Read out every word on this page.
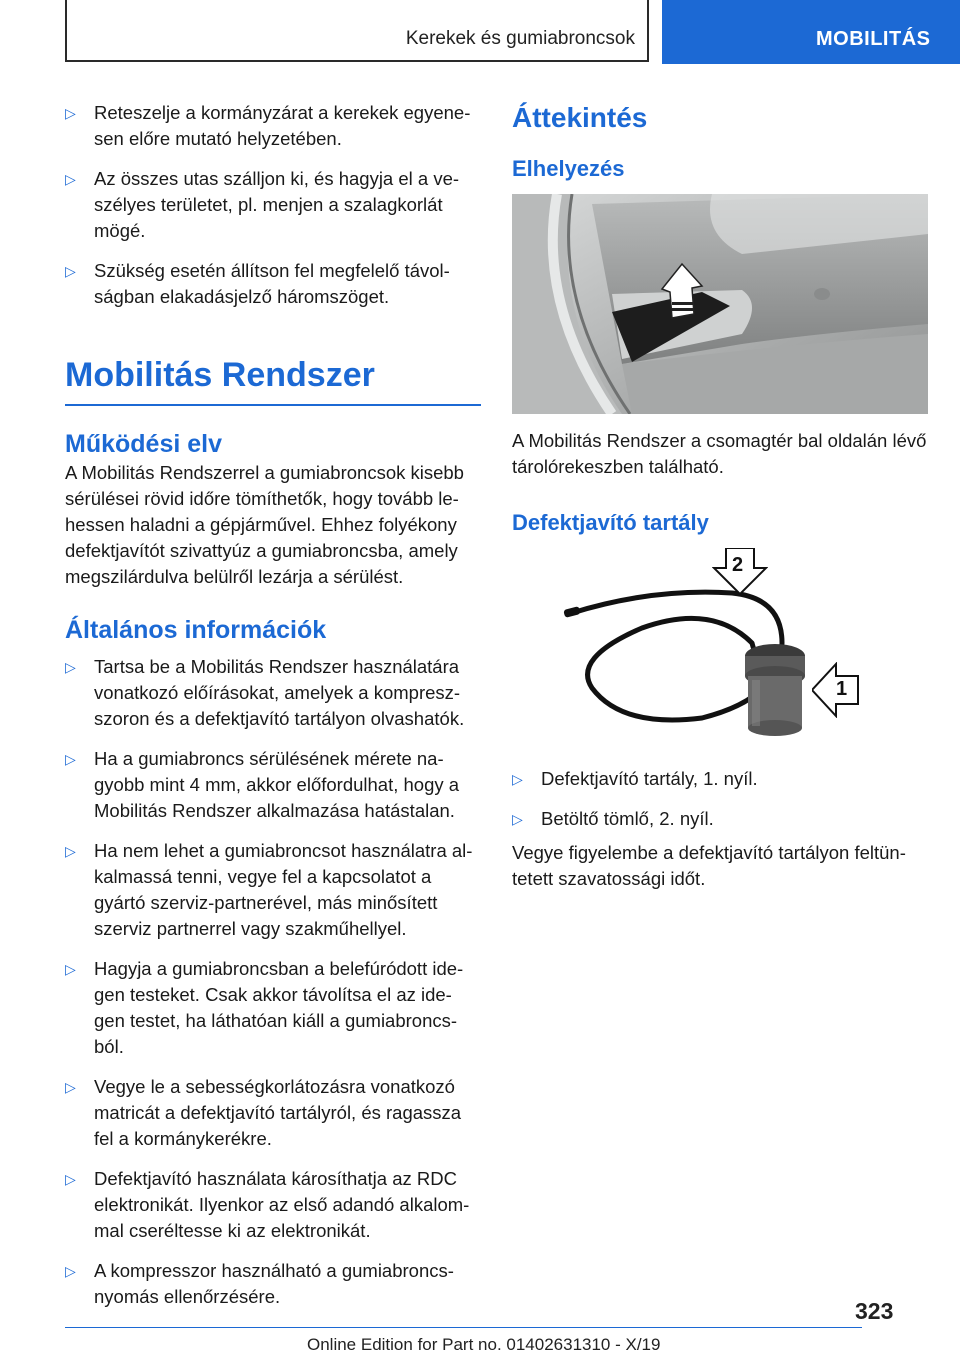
Kerekek és gumiabroncsok	MOBILITÁS
▷ Reteszelje a kormányzárat a kerekek egyene-sen előre mutató helyzetében.
▷ Az összes utas szálljon ki, és hagyja el a ve-szélyes területet, pl. menjen a szalagkorlát mögé.
▷ Szükség esetén állítson fel megfelelő távol-ságban elakadásjelző háromszöget.
Mobilitás Rendszer
Működési elv

A Mobilitás Rendszerrel a gumiabroncsok kisebb sérülései rövid időre tömíthetők, hogy tovább le-hessen haladni a gépjárművel. Ehhez folyékony defektjavítót szivattyúz a gumiabroncsba, amely megszilárdulva belülről lezárja a sérülést.

Általános információk
▷ Tartsa be a Mobilitás Rendszer használatára vonatkozó előírásokat, amelyek a kompresz-szoron és a defektjavító tartályon olvashatók.
▷ Ha a gumiabroncs sérülésének mérete na-gyobb mint 4 mm, akkor előfordulhat, hogy a Mobilitás Rendszer alkalmazása hatástalan.
▷ Ha nem lehet a gumiabroncsot használatra al-kalmassá tenni, vegye fel a kapcsolatot a gyártó szerviz-partnerével, más minősített szerviz partnerrel vagy szakműhellyel.
▷ Hagyja a gumiabroncsban a belefúródott ide-gen testeket. Csak akkor távolítsa el az ide-gen testet, ha láthatóan kiáll a gumiabroncs-ból.
▷ Vegye le a sebességkorlátozásra vonatkozó matricát a defektjavító tartályról, és ragassza fel a kormánykerékre.
▷ Defektjavító használata károsíthatja az RDC elektronikát. Ilyenkor az első adandó alkalom-mal cseréltesse ki az elektronikát.
▷ A kompresszor használható a gumiabroncs-nyomás ellenőrzésére.
Áttekintés
Elhelyezés

A Mobilitás Rendszer a csomagtér bal oldalán lévő tárolórekeszben található.

Defektjavító tartály
2
1
▷ Defektjavító tartály, 1. nyíl.
▷ Betöltő tömlő, 2. nyíl.

Vegye figyelembe a defektjavító tartályon feltün-tetett szavatossági időt.

323
Online Edition for Part no. 01402631310 - X/19
